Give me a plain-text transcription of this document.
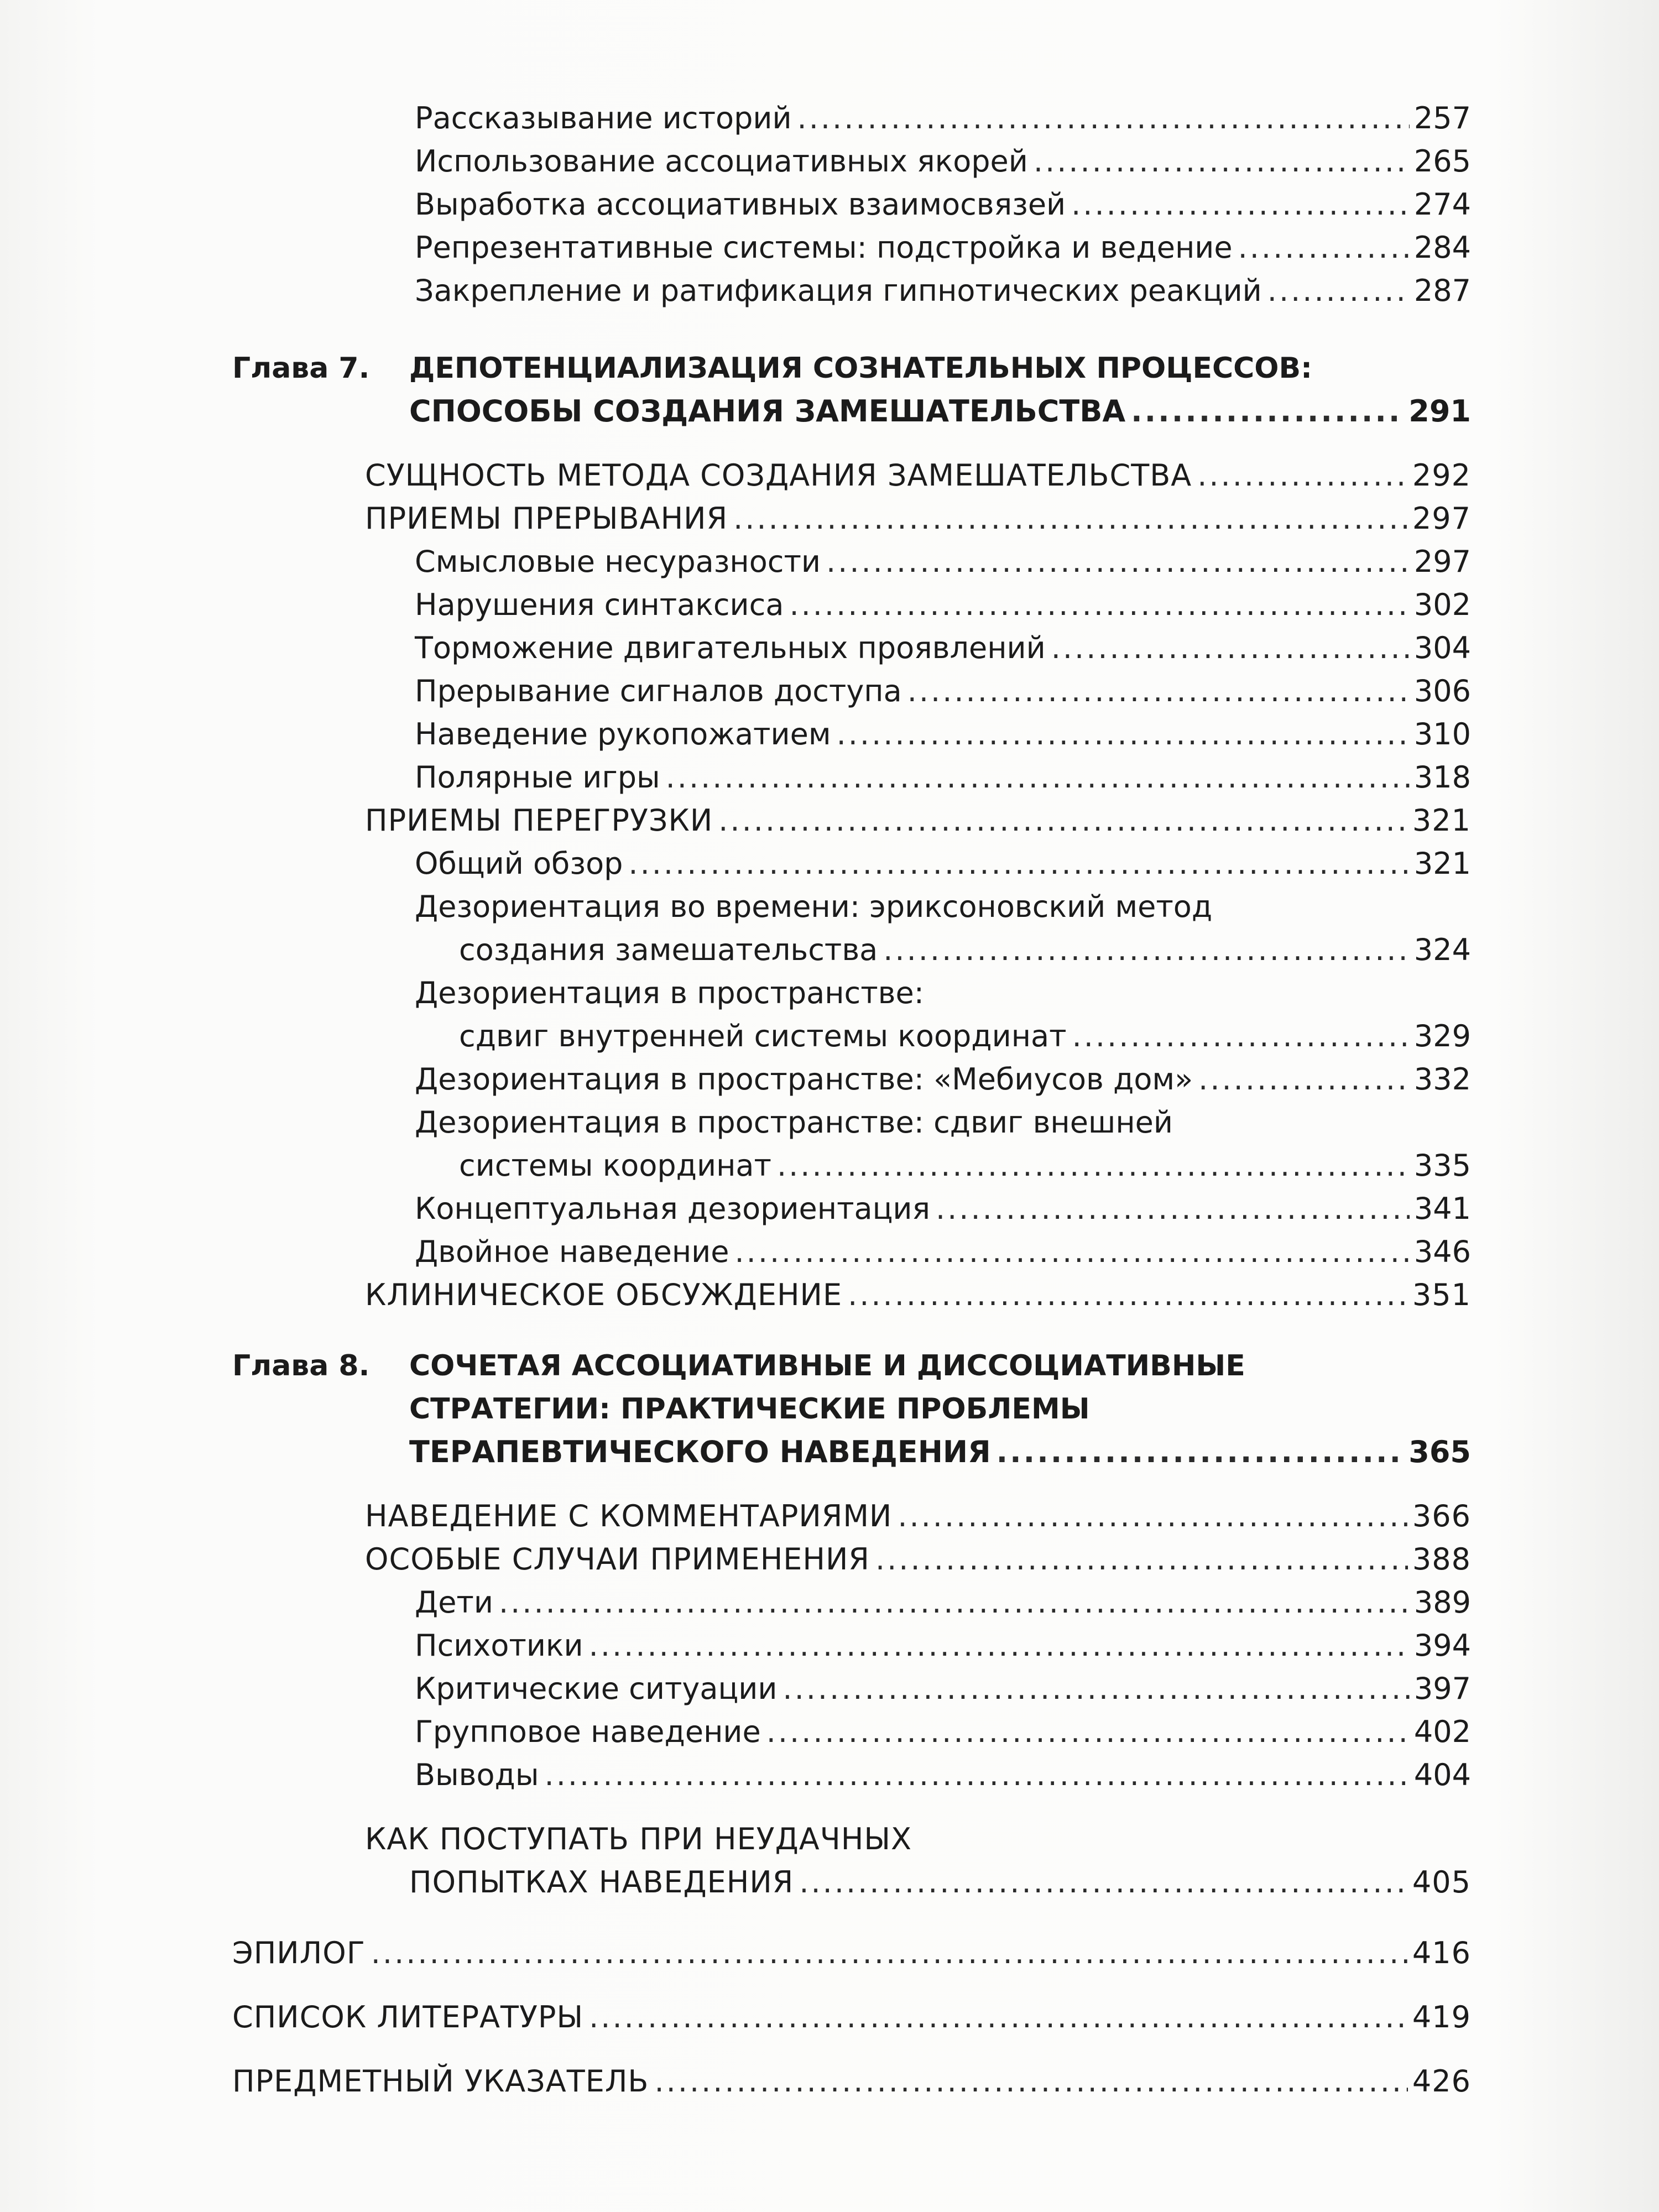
Рассказывание историй .....	257
Использование ассоциативных якорей .....	265
Выработка ассоциативных взаимосвязей .....	274
Репрезентативные системы: подстройка и ведение .....	284
Закрепление и ратификация гипнотических реакций .....	287
Глава 7.	ДЕПОТЕНЦИАЛИЗАЦИЯ СОЗНАТЕЛЬНЫХ ПРОЦЕССОВ:
СПОСОБЫ СОЗДАНИЯ ЗАМЕШАТЕЛЬСТВА .....	291
СУЩНОСТЬ МЕТОДА СОЗДАНИЯ ЗАМЕШАТЕЛЬСТВА .....	292
ПРИЕМЫ ПРЕРЫВАНИЯ .....	297
Смысловые несуразности .....	297
Нарушения синтаксиса .....	302
Торможение двигательных проявлений .....	304
Прерывание сигналов доступа .....	306
Наведение рукопожатием .....	310
Полярные игры .....	318
ПРИЕМЫ ПЕРЕГРУЗКИ .....	321
Общий обзор .....	321
Дезориентация во времени: эриксоновский метод
создания замешательства .....	324
Дезориентация в пространстве:
сдвиг внутренней системы координат .....	329
Дезориентация в пространстве: «Мебиусов дом» .....	332
Дезориентация в пространстве: сдвиг внешней
системы координат .....	335
Концептуальная дезориентация .....	341
Двойное наведение .....	346
КЛИНИЧЕСКОЕ ОБСУЖДЕНИЕ .....	351
Глава 8.	СОЧЕТАЯ АССОЦИАТИВНЫЕ И ДИССОЦИАТИВНЫЕ
СТРАТЕГИИ: ПРАКТИЧЕСКИЕ ПРОБЛЕМЫ
ТЕРАПЕВТИЧЕСКОГО НАВЕДЕНИЯ .....	365
НАВЕДЕНИЕ С КОММЕНТАРИЯМИ .....	366
ОСОБЫЕ СЛУЧАИ ПРИМЕНЕНИЯ .....	388
Дети .....	389
Психотики .....	394
Критические ситуации .....	397
Групповое наведение .....	402
Выводы .....	404
КАК ПОСТУПАТЬ ПРИ НЕУДАЧНЫХ
ПОПЫТКАХ НАВЕДЕНИЯ .....	405
ЭПИЛОГ .....	416
СПИСОК ЛИТЕРАТУРЫ .....	419
ПРЕДМЕТНЫЙ УКАЗАТЕЛЬ .....	426
